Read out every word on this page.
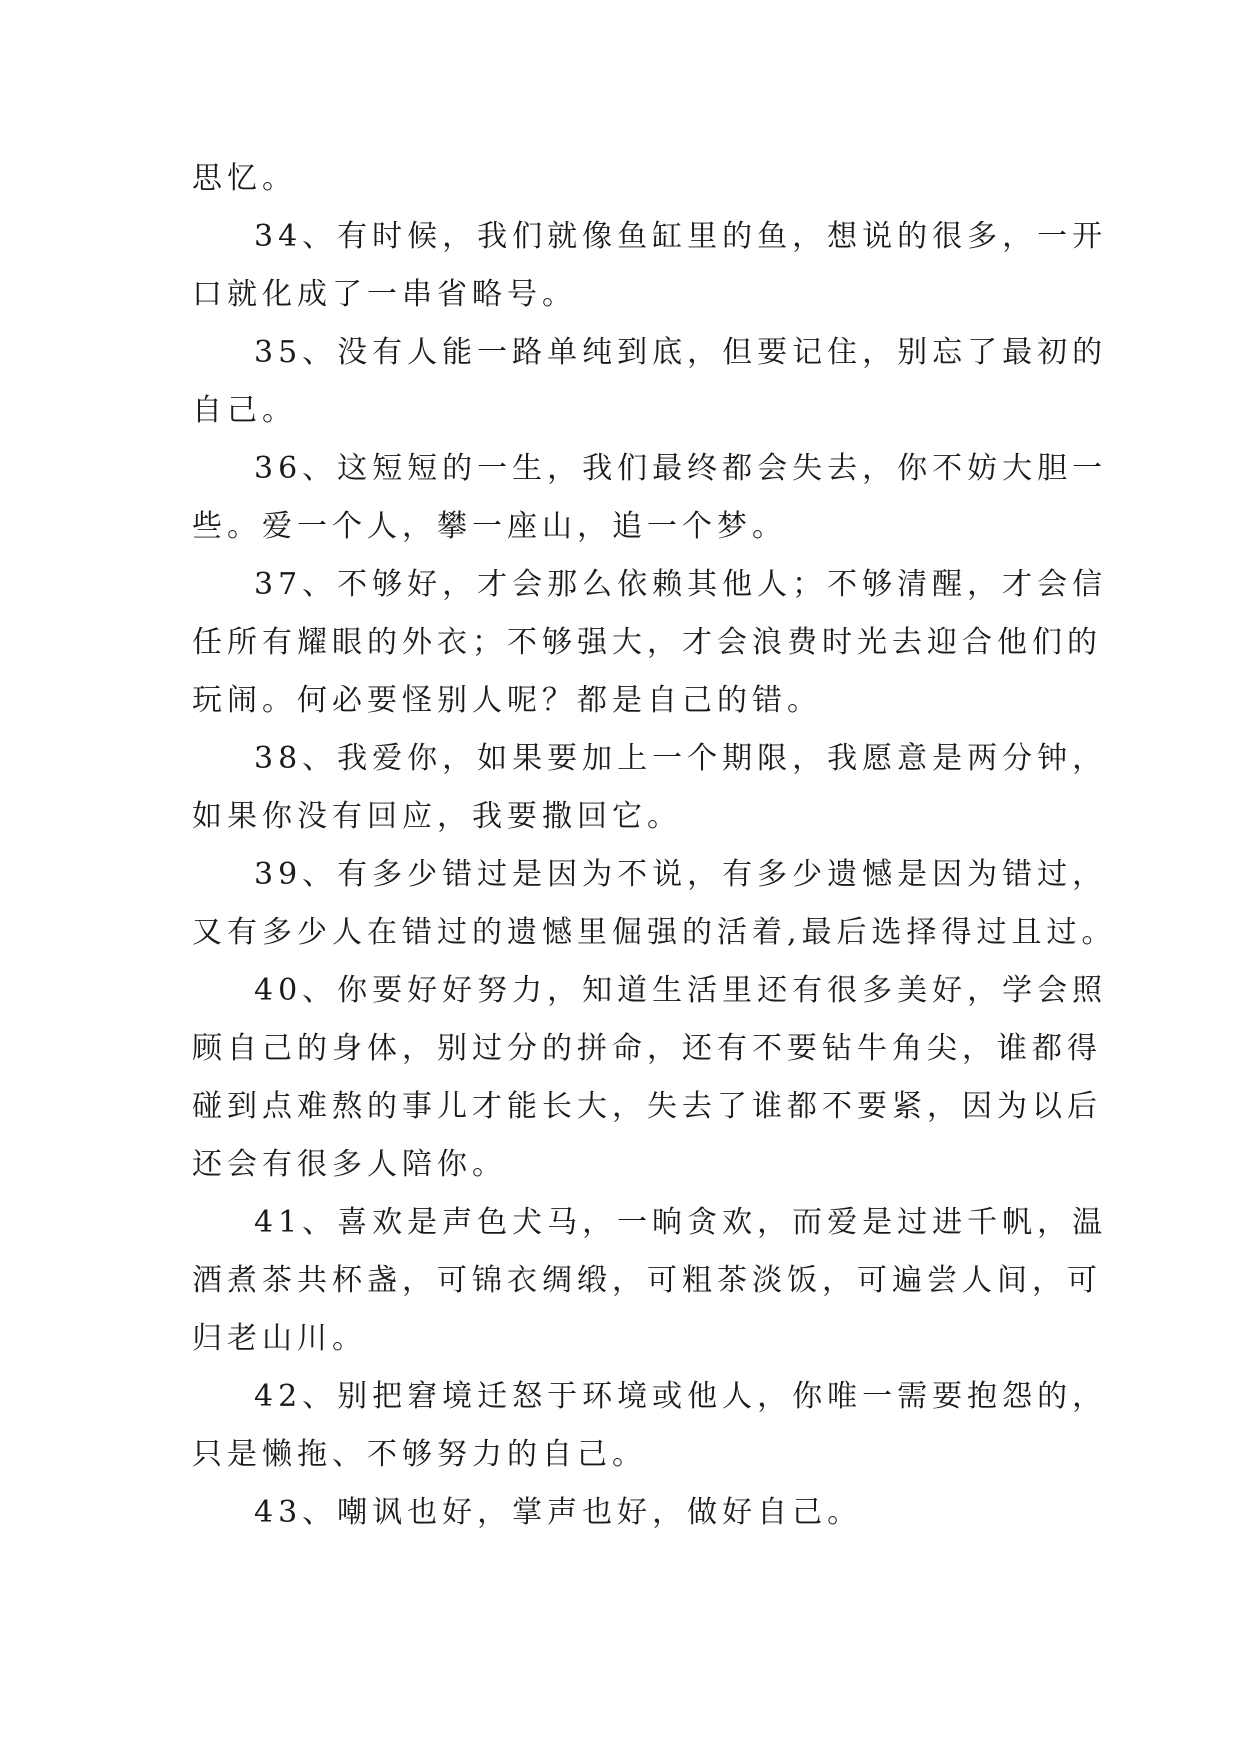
思忆。
34、有时候，我们就像鱼缸里的鱼，想说的很多，一开
口就化成了一串省略号。
35、没有人能一路单纯到底，但要记住，别忘了最初的
自己。
36、这短短的一生，我们最终都会失去，你不妨大胆一
些。爱一个人，攀一座山，追一个梦。
37、不够好，才会那么依赖其他人；不够清醒，才会信
任所有耀眼的外衣；不够强大，才会浪费时光去迎合他们的
玩闹。何必要怪别人呢？都是自己的错。
38、我爱你，如果要加上一个期限，我愿意是两分钟，
如果你没有回应，我要撒回它。
39、有多少错过是因为不说，有多少遗憾是因为错过，
又有多少人在错过的遗憾里倔强的活着,最后选择得过且过。
40、你要好好努力，知道生活里还有很多美好，学会照
顾自己的身体，别过分的拼命，还有不要钻牛角尖，谁都得
碰到点难熬的事儿才能长大，失去了谁都不要紧，因为以后
还会有很多人陪你。
41、喜欢是声色犬马，一晌贪欢，而爱是过进千帆，温
酒煮茶共杯盏，可锦衣绸缎，可粗茶淡饭，可遍尝人间，可
归老山川。
42、别把窘境迁怒于环境或他人，你唯一需要抱怨的，
只是懒拖、不够努力的自己。
43、嘲讽也好，掌声也好，做好自己。
